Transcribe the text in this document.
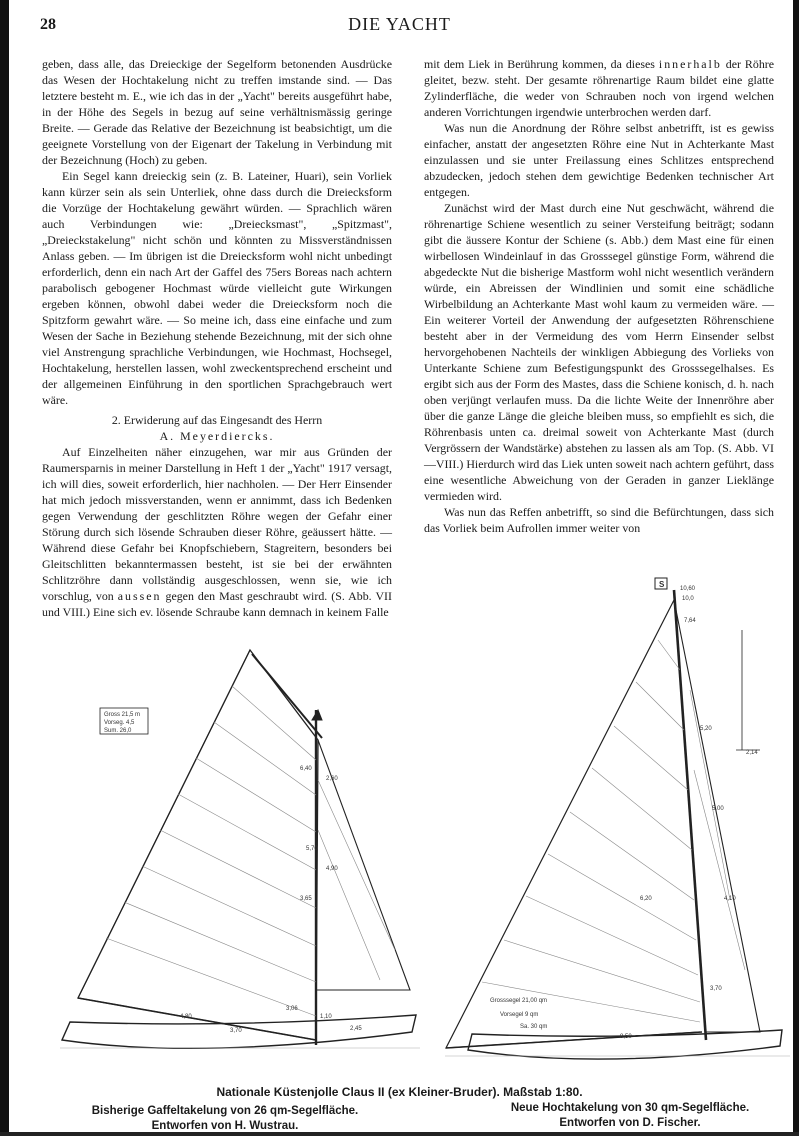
28	DIE YACHT

geben, dass alle, das Dreieckige der Segelform betonenden Ausdrücke das Wesen der Hochtakelung nicht zu treffen imstande sind. — Das letztere besteht m. E., wie ich das in der „Yacht" bereits ausgeführt habe, in der Höhe des Segels in bezug auf seine verhältnismässig geringe Breite. — Gerade das Relative der Bezeichnung ist beabsichtigt, um die geeignete Vorstellung von der Eigenart der Takelung in Verbindung mit der Bezeichnung (Hoch) zu geben.

Ein Segel kann dreieckig sein (z. B. Lateiner, Huari), sein Vorliek kann kürzer sein als sein Unterliek, ohne dass durch die Dreiecksform die Vorzüge der Hochtakelung gewährt würden. — Sprachlich wären auch Verbindungen wie: „Dreiecksmast", „Spitzmast", „Dreieckstakelung" nicht schön und könnten zu Missverständnissen Anlass geben. — Im übrigen ist die Dreiecksform wohl nicht unbedingt erforderlich, denn ein nach Art der Gaffel des 75ers Boreas nach achtern parabolisch gebogener Hochmast würde vielleicht gute Wirkungen ergeben können, obwohl dabei weder die Dreiecksform noch die Spitzform gewahrt wäre. — So meine ich, dass eine einfache und zum Wesen der Sache in Beziehung stehende Bezeichnung, mit der sich ohne viel Anstrengung sprachliche Verbindungen, wie Hochmast, Hochsegel, Hochtakelung, herstellen lassen, wohl zweckentsprechend erscheint und der allgemeinen Einführung in den sportlichen Sprachgebrauch wert wäre.

2. Erwiderung auf das Eingesandt des Herrn

A. Meyerdiercks.

Auf Einzelheiten näher einzugehen, war mir aus Gründen der Raumersparnis in meiner Darstellung in Heft 1 der „Yacht" 1917 versagt, ich will dies, soweit erforderlich, hier nachholen. — Der Herr Einsender hat mich jedoch missverstanden, wenn er annimmt, dass ich Bedenken gegen Verwendung der geschlitzten Röhre wegen der Gefahr einer Störung durch sich lösende Schrauben dieser Röhre, geäussert hätte. — Während diese Gefahr bei Knopfschiebern, Stagreitern, besonders bei Gleitschlitten bekanntermassen besteht, ist sie bei der erwähnten Schlitzröhre dann vollständig ausgeschlossen, wenn sie, wie ich vorschlug, von aussen gegen den Mast geschraubt wird. (S. Abb. VII und VIII.) Eine sich ev. lösende Schraube kann demnach in keinem Falle

mit dem Liek in Berührung kommen, da dieses innerhalb der Röhre gleitet, bezw. steht. Der gesamte röhrenartige Raum bildet eine glatte Zylinderfläche, die weder von Schrauben noch von irgend welchen anderen Vorrichtungen irgendwie unterbrochen werden darf.

Was nun die Anordnung der Röhre selbst anbetrifft, ist es gewiss einfacher, anstatt der angesetzten Röhre eine Nut in Achterkante Mast einzulassen und sie unter Freilassung eines Schlitzes entsprechend abzudecken, jedoch stehen dem gewichtige Bedenken technischer Art entgegen.

Zunächst wird der Mast durch eine Nut geschwächt, während die röhrenartige Schiene wesentlich zu seiner Versteifung beiträgt; sodann gibt die äussere Kontur der Schiene (s. Abb.) dem Mast eine für einen wirbellosen Windeinlauf in das Grosssegel günstige Form, während die abgedeckte Nut die bisherige Mastform wohl nicht wesentlich verändern würde, ein Abreissen der Windlinien und somit eine schädliche Wirbelbildung an Achterkante Mast wohl kaum zu vermeiden wäre. — Ein weiterer Vorteil der Anwendung der aufgesetzten Röhrenschiene besteht aber in der Vermeidung des vom Herrn Einsender selbst hervorgehobenen Nachteils der winkligen Abbiegung des Vorlieks von Unterkante Schiene zum Befestigungspunkt des Grosssegelhalses. Es ergibt sich aus der Form des Mastes, dass die Schiene konisch, d. h. nach oben verjüngt verlaufen muss. Da die lichte Weite der Innenröhre aber über die ganze Länge die gleiche bleiben muss, so empfiehlt es sich, die Röhrenbasis unten ca. dreimal soweit von Achterkante Mast (durch Vergrössern der Wandstärke) abstehen zu lassen als am Top. (S. Abb. VI—VIII.) Hierdurch wird das Liek unten soweit nach achtern geführt, dass eine wesentliche Abweichung von der Geraden in ganzer Lieklänge vermieden wird.

Was nun das Reffen anbetrifft, so sind die Befürchtungen, dass sich das Vorliek beim Aufrollen immer weiter von

Gross 21,5 m
Vorseg. 4,5
Sum. 26,0
6,40
5,70
3,70	2,45
4,80	1,10
3,06
3,65
4,90
2,60
S	10,60
10,0
7,64
5,20
Grosssegel 21,00 qm
Vorsegel 9 qm
Sa. 30 qm
5,00
2,14
8,50
4,10
6,20
3,70
Nationale Küstenjolle Claus II (ex Kleiner-Bruder). Maßstab 1:80.
Bisherige Gaffeltakelung von 26 qm-Segelfläche.
Entworfen von H. Wustrau.
Neue Hochtakelung von 30 qm-Segelfläche.
Entworfen von D. Fischer.
